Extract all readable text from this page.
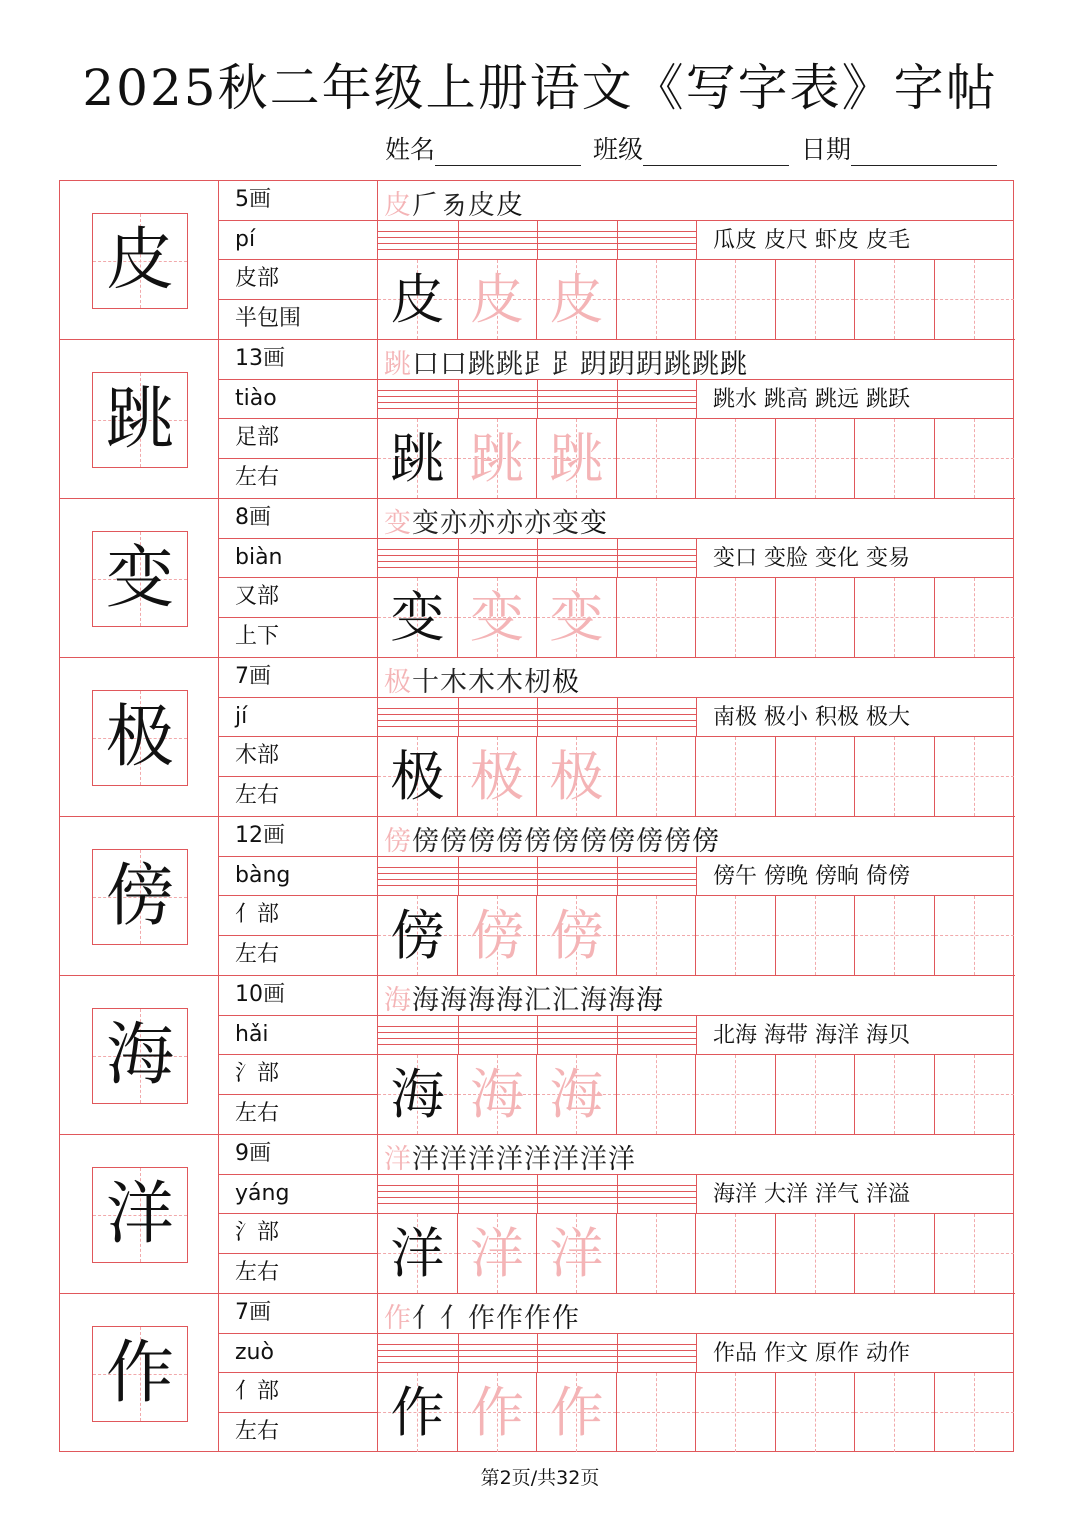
2025秋二年级上册语文《写字表》字帖
姓名	班级	日期
皮
5画
pí
皮部
半包围
皮𠂆𠃓皮皮
瓜皮 皮尺 虾皮 皮毛
皮 皮 皮
跳
13画
tiào
足部
左右
跳口口跳跳𧾷𧾷跀跀跀跳跳跳
跳水 跳高 跳远 跳跃
跳 跳 跳
变
8画
biàn
又部
上下
变变亦亦亦亦变变
变口 变脸 变化 变易
变 变 变
极
7画
jí
木部
左右
极十木木木杒极
南极 极小 积极 极大
极 极 极
傍
12画
bàng
亻部
左右
傍傍傍傍傍傍傍傍傍傍傍傍
傍午 傍晚 傍晌 倚傍
傍 傍 傍
海
10画
hǎi
氵部
左右
海海海海海汇汇海海海
北海 海带 海洋 海贝
海 海 海
洋
9画
yáng
氵部
左右
洋洋洋洋洋洋洋洋洋
海洋 大洋 洋气 洋溢
洋 洋 洋
作
7画
zuò
亻部
左右
作亻亻作作作作
作品 作文 原作 动作
作 作 作
第2页/共32页
